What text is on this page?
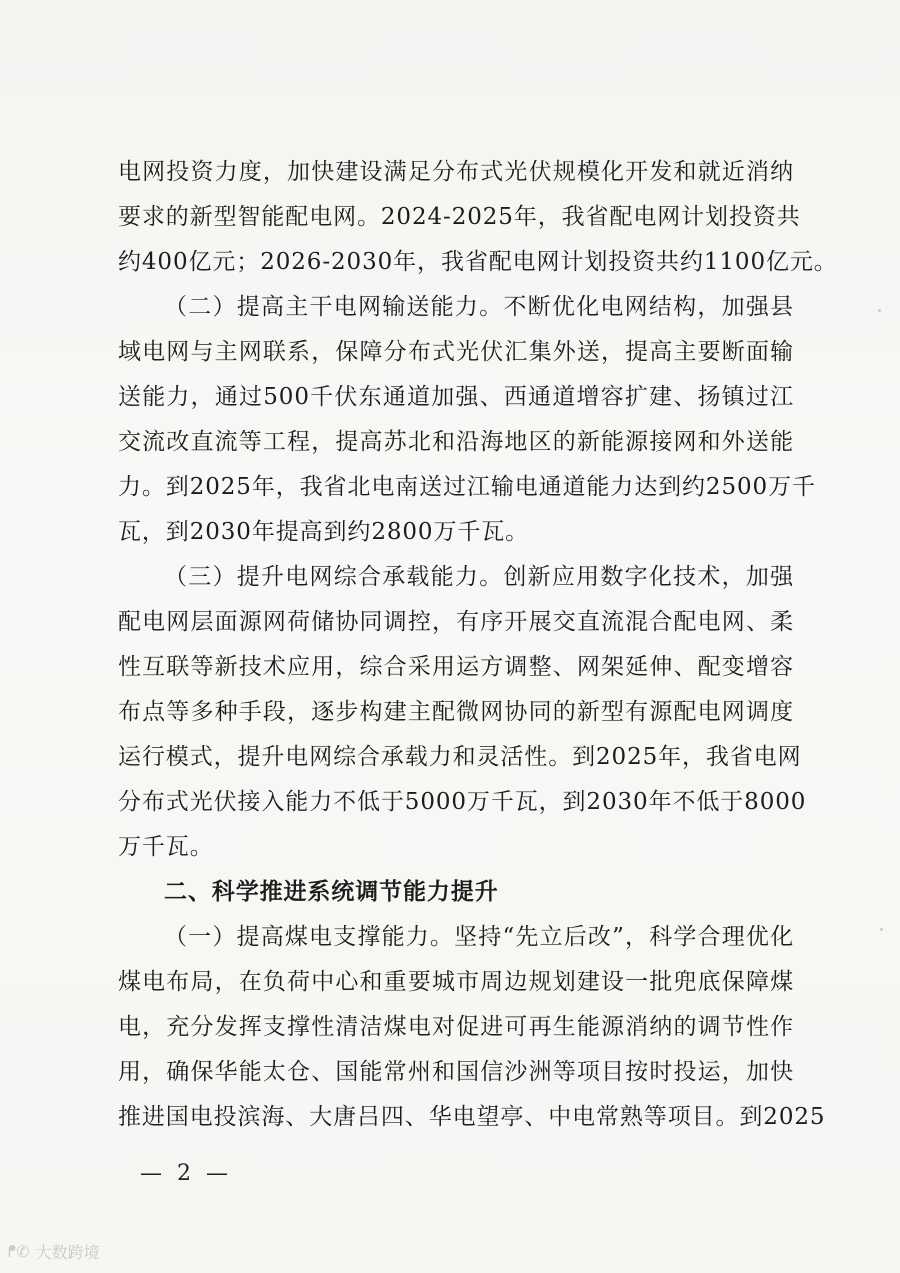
电网投资力度，加快建设满足分布式光伏规模化开发和就近消纳
要求的新型智能配电网。2024-2025年，我省配电网计划投资共
约400亿元；2026-2030年，我省配电网计划投资共约1100亿元。
（二）提高主干电网输送能力。不断优化电网结构，加强县
域电网与主网联系，保障分布式光伏汇集外送，提高主要断面输
送能力，通过500千伏东通道加强、西通道增容扩建、扬镇过江
交流改直流等工程，提高苏北和沿海地区的新能源接网和外送能
力。到2025年，我省北电南送过江输电通道能力达到约2500万千
瓦，到2030年提高到约2800万千瓦。
（三）提升电网综合承载能力。创新应用数字化技术，加强
配电网层面源网荷储协同调控，有序开展交直流混合配电网、柔
性互联等新技术应用，综合采用运方调整、网架延伸、配变增容
布点等多种手段，逐步构建主配微网协同的新型有源配电网调度
运行模式，提升电网综合承载力和灵活性。到2025年，我省电网
分布式光伏接入能力不低于5000万千瓦，到2030年不低于8000
万千瓦。
二、科学推进系统调节能力提升
（一）提高煤电支撑能力。坚持“先立后改”，科学合理优化
煤电布局，在负荷中心和重要城市周边规划建设一批兜底保障煤
电，充分发挥支撑性清洁煤电对促进可再生能源消纳的调节性作
用，确保华能太仓、国能常州和国信沙洲等项目按时投运，加快
推进国电投滨海、大唐吕四、华电望亭、中电常熟等项目。到2025
— 2 —
ᖰ✆ 大数跨境
